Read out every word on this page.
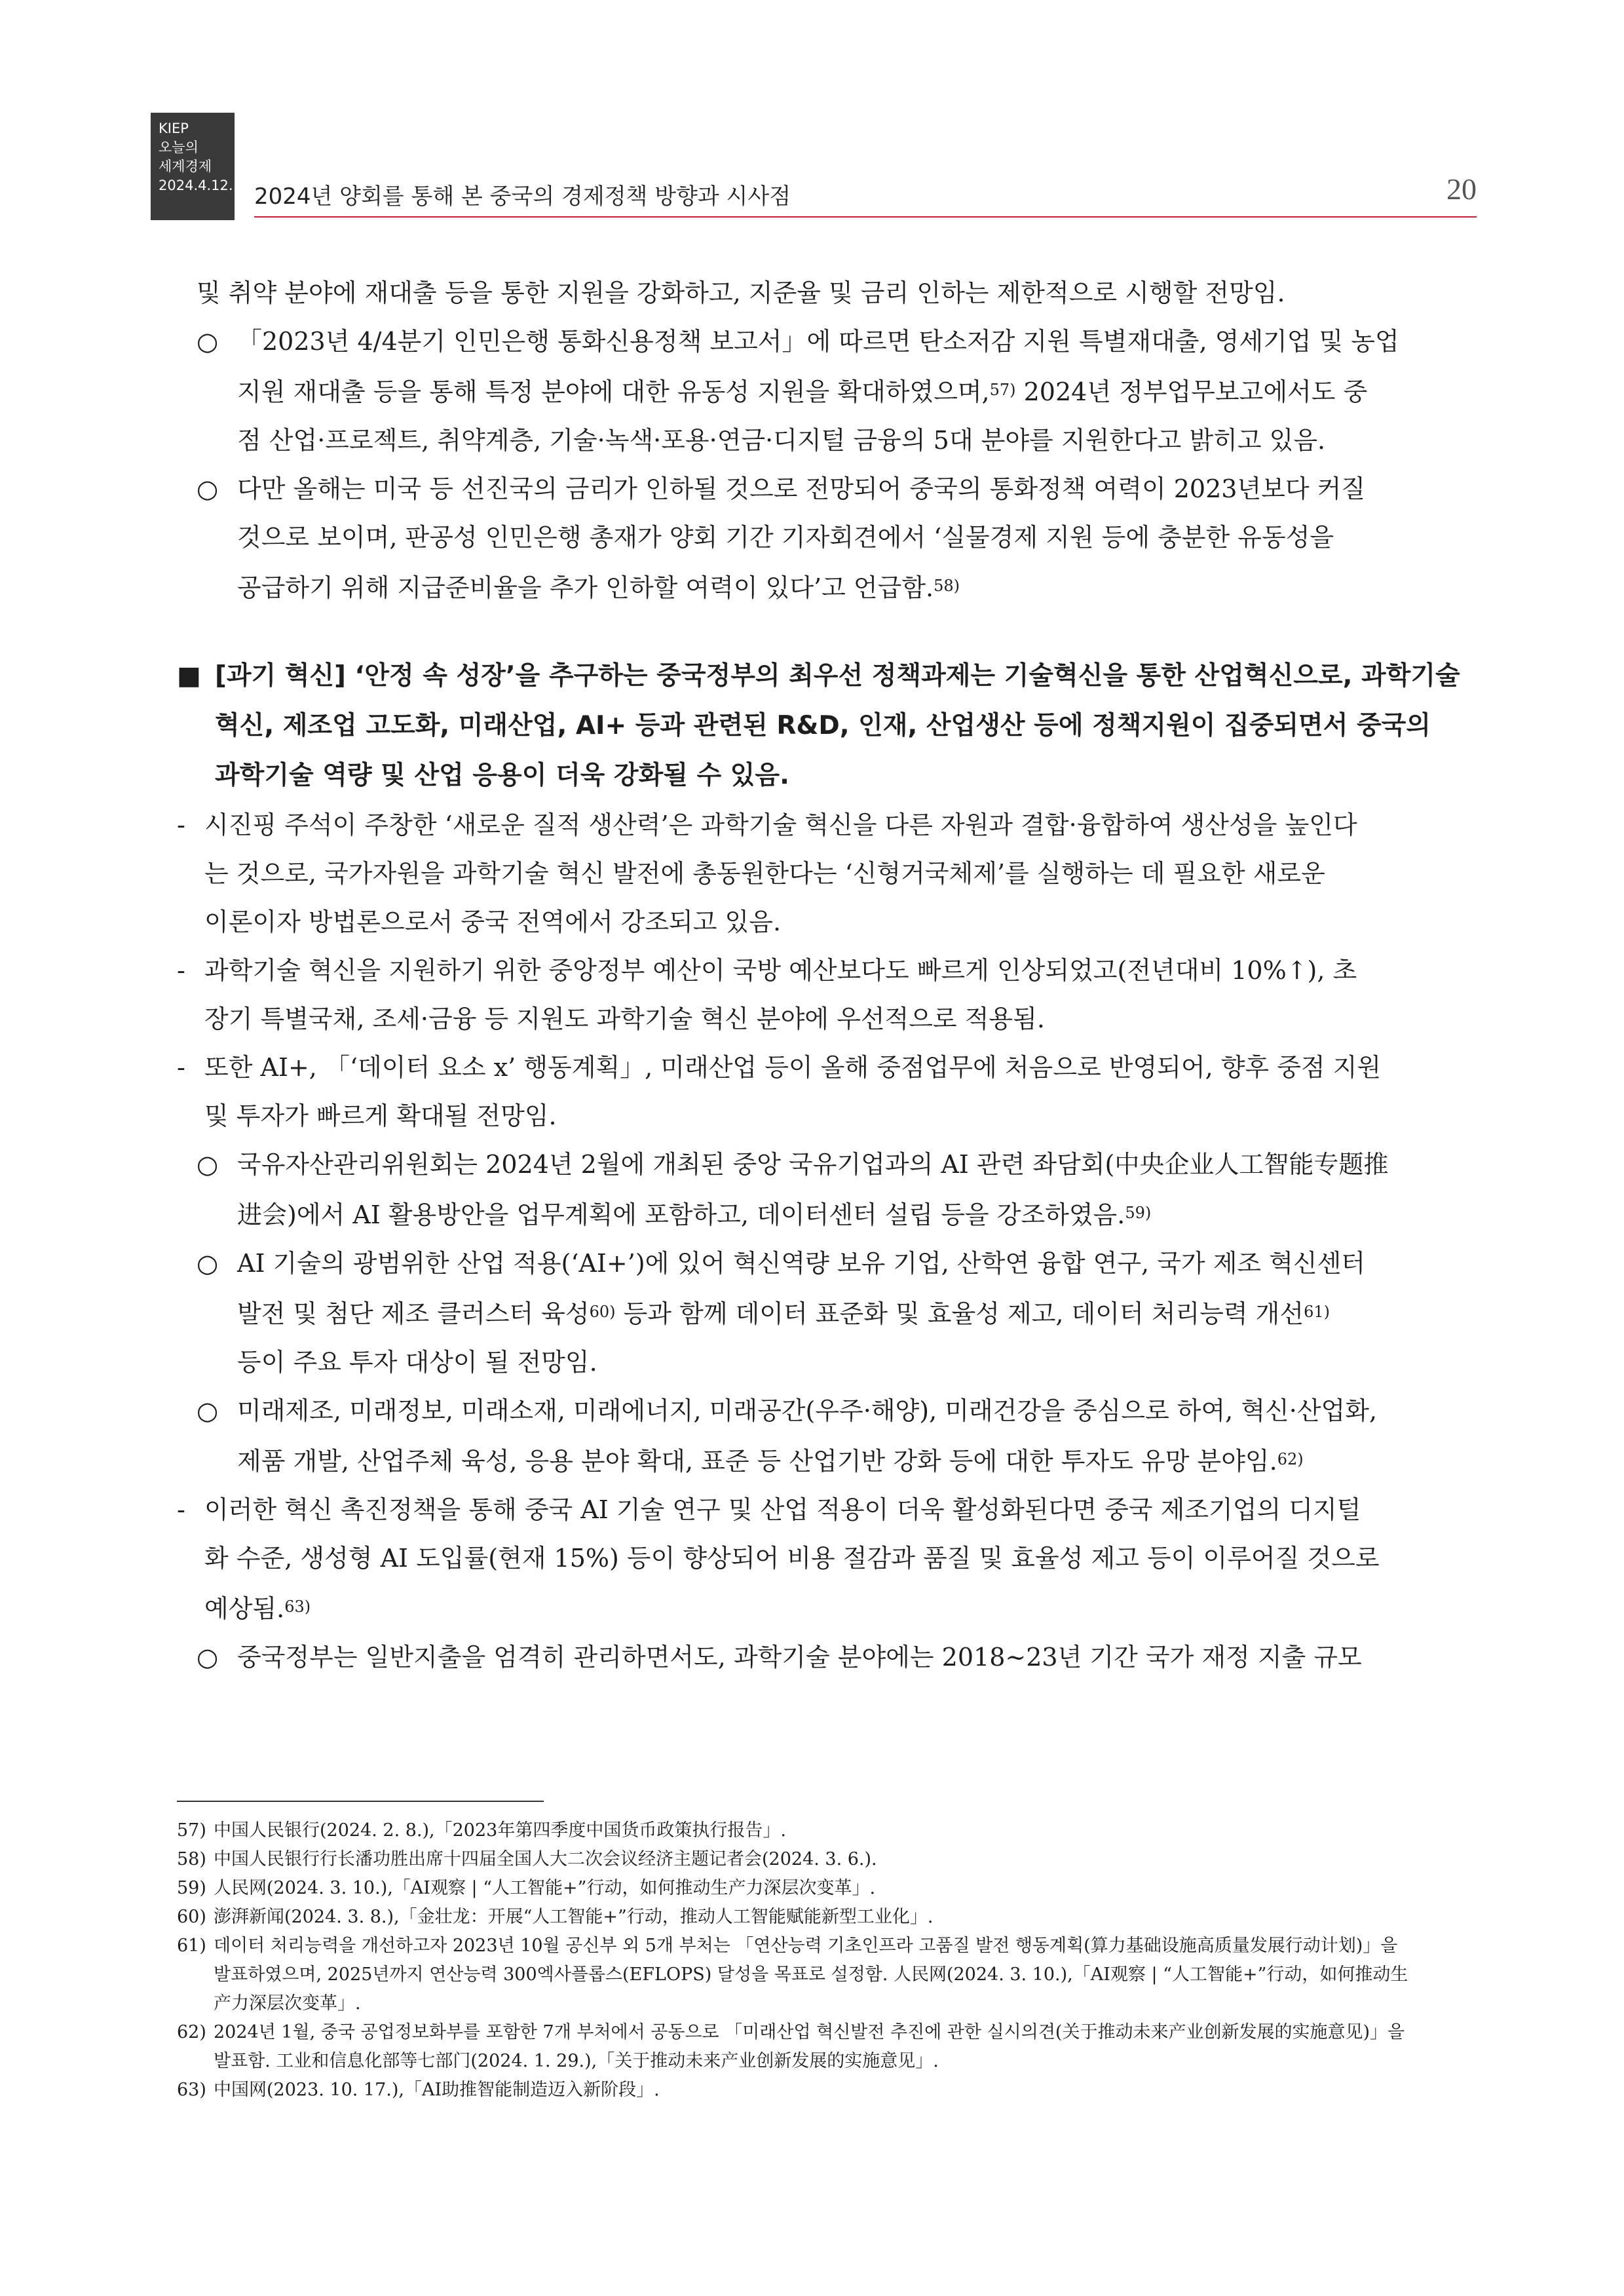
KIEP
오늘의
세계경제
2024.4.12. 2024년 양회를 통해 본 중국의 경제정책 방향과 시사점	20
및 취약 분야에 재대출 등을 통한 지원을 강화하고, 지준율 및 금리 인하는 제한적으로 시행할 전망임.
○ 「2023년 4/4분기 인민은행 통화신용정책 보고서」에 따르면 탄소저감 지원 특별재대출, 영세기업 및 농업
지원 재대출 등을 통해 특정 분야에 대한 유동성 지원을 확대하였으며,$^{57)}$ 2024년 정부업무보고에서도 중
점 산업·프로젝트, 취약계층, 기술·녹색·포용·연금·디지털 금융의 5대 분야를 지원한다고 밝히고 있음.
○ 다만 올해는 미국 등 선진국의 금리가 인하될 것으로 전망되어 중국의 통화정책 여력이 2023년보다 커질
것으로 보이며, 판공성 인민은행 총재가 양회 기간 기자회견에서 ‘실물경제 지원 등에 충분한 유동성을
공급하기 위해 지급준비율을 추가 인하할 여력이 있다’고 언급함.$^{58)}$
■ [과기 혁신] ‘안정 속 성장’을 추구하는 중국정부의 최우선 정책과제는 기술혁신을 통한 산업혁신으로, 과학기술
혁신, 제조업 고도화, 미래산업, AI+ 등과 관련된 R&D, 인재, 산업생산 등에 정책지원이 집중되면서 중국의
과학기술 역량 및 산업 응용이 더욱 강화될 수 있음.
- 시진핑 주석이 주창한 ‘새로운 질적 생산력’은 과학기술 혁신을 다른 자원과 결합·융합하여 생산성을 높인다
는 것으로, 국가자원을 과학기술 혁신 발전에 총동원한다는 ‘신형거국체제’를 실행하는 데 필요한 새로운
이론이자 방법론으로서 중국 전역에서 강조되고 있음.
- 과학기술 혁신을 지원하기 위한 중앙정부 예산이 국방 예산보다도 빠르게 인상되었고(전년대비 10%↑), 초
장기 특별국채, 조세·금융 등 지원도 과학기술 혁신 분야에 우선적으로 적용됨.
- 또한 AI+, 「‘데이터 요소 x’ 행동계획」, 미래산업 등이 올해 중점업무에 처음으로 반영되어, 향후 중점 지원
및 투자가 빠르게 확대될 전망임.
○ 국유자산관리위원회는 2024년 2월에 개최된 중앙 국유기업과의 AI 관련 좌담회(中央企业人工智能专题推
进会)에서 AI 활용방안을 업무계획에 포함하고, 데이터센터 설립 등을 강조하였음.$^{59)}$
○ AI 기술의 광범위한 산업 적용(‘AI+’)에 있어 혁신역량 보유 기업, 산학연 융합 연구, 국가 제조 혁신센터
발전 및 첨단 제조 클러스터 육성$^{60)}$ 등과 함께 데이터 표준화 및 효율성 제고, 데이터 처리능력 개선$^{61)}$
등이 주요 투자 대상이 될 전망임.
○ 미래제조, 미래정보, 미래소재, 미래에너지, 미래공간(우주·해양), 미래건강을 중심으로 하여, 혁신·산업화,
제품 개발, 산업주체 육성, 응용 분야 확대, 표준 등 산업기반 강화 등에 대한 투자도 유망 분야임.$^{62)}$
- 이러한 혁신 촉진정책을 통해 중국 AI 기술 연구 및 산업 적용이 더욱 활성화된다면 중국 제조기업의 디지털
화 수준, 생성형 AI 도입률(현재 15%) 등이 향상되어 비용 절감과 품질 및 효율성 제고 등이 이루어질 것으로
예상됨.$^{63)}$
○ 중국정부는 일반지출을 엄격히 관리하면서도, 과학기술 분야에는 2018~23년 기간 국가 재정 지출 규모
57) 中国人民银行(2024. 2. 8.),「2023年第四季度中国货币政策执行报告」.
58) 中国人民银行行长潘功胜出席十四届全国人大二次会议经济主题记者会(2024. 3. 6.).
59) 人民网(2024. 3. 10.),「AI观察 | “人工智能+”行动，如何推动生产力深层次变革」.
60) 澎湃新闻(2024. 3. 8.),「金壮龙：开展“人工智能+”行动，推动人工智能赋能新型工业化」.
61) 데이터 처리능력을 개선하고자 2023년 10월 공신부 외 5개 부처는 「연산능력 기초인프라 고품질 발전 행동계획(算力基础设施高质量发展行动计划)」을
발표하였으며, 2025년까지 연산능력 300엑사플롭스(EFLOPS) 달성을 목표로 설정함. 人民网(2024. 3. 10.),「AI观察 | “人工智能+”行动，如何推动生
产力深层次变革」.
62) 2024년 1월, 중국 공업정보화부를 포함한 7개 부처에서 공동으로 「미래산업 혁신발전 추진에 관한 실시의견(关于推动未来产业创新发展的实施意见)」을
발표함. 工业和信息化部等七部门(2024. 1. 29.),「关于推动未来产业创新发展的实施意见」.
63) 中国网(2023. 10. 17.),「AI助推智能制造迈入新阶段」.
